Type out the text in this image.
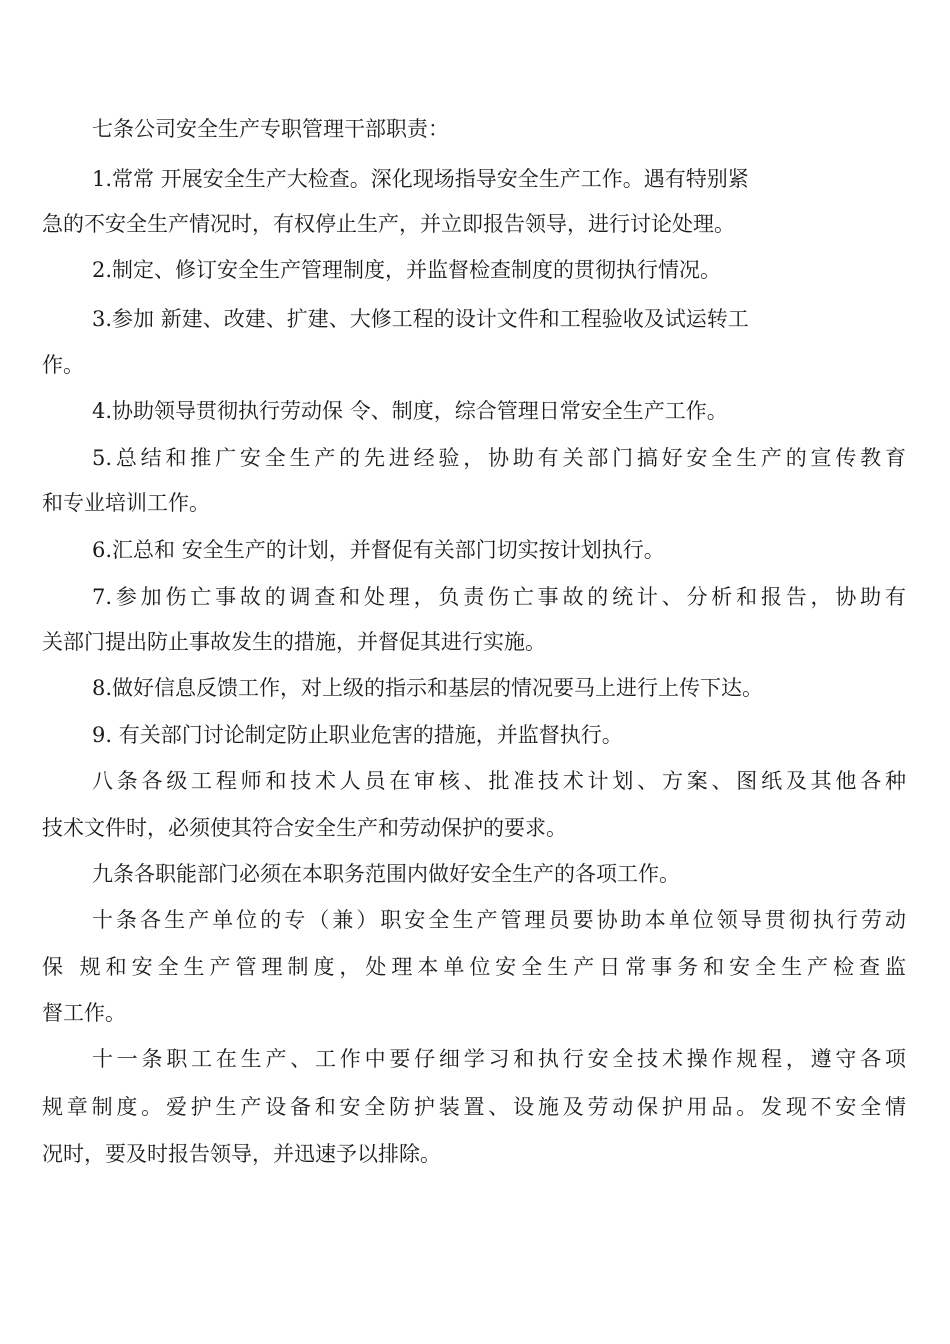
七条公司安全生产专职管理干部职责：
1.常常 开展安全生产大检查。深化现场指导安全生产工作。遇有特别紧
急的不安全生产情况时，有权停止生产，并立即报告领导，进行讨论处理。
2.制定、修订安全生产管理制度，并监督检查制度的贯彻执行情况。
3.参加 新建、改建、扩建、大修工程的设计文件和工程验收及试运转工
作。
4.协助领导贯彻执行劳动保 令、制度，综合管理日常安全生产工作。
5.总结和推广安全生产的先进经验，协助有关部门搞好安全生产的宣传教育
和专业培训工作。
6.汇总和 安全生产的计划，并督促有关部门切实按计划执行。
7.参加伤亡事故的调查和处理，负责伤亡事故的统计、分析和报告，协助有
关部门提出防止事故发生的措施，并督促其进行实施。
8.做好信息反馈工作，对上级的指示和基层的情况要马上进行上传下达。
9. 有关部门讨论制定防止职业危害的措施，并监督执行。
八条各级工程师和技术人员在审核、批准技术计划、方案、图纸及其他各种
技术文件时，必须使其符合安全生产和劳动保护的要求。
九条各职能部门必须在本职务范围内做好安全生产的各项工作。
十条各生产单位的专（兼）职安全生产管理员要协助本单位领导贯彻执行劳动
保 规和安全生产管理制度，处理本单位安全生产日常事务和安全生产检查监
督工作。
十一条职工在生产、工作中要仔细学习和执行安全技术操作规程，遵守各项
规章制度。爱护生产设备和安全防护装置、设施及劳动保护用品。发现不安全情
况时，要及时报告领导，并迅速予以排除。
